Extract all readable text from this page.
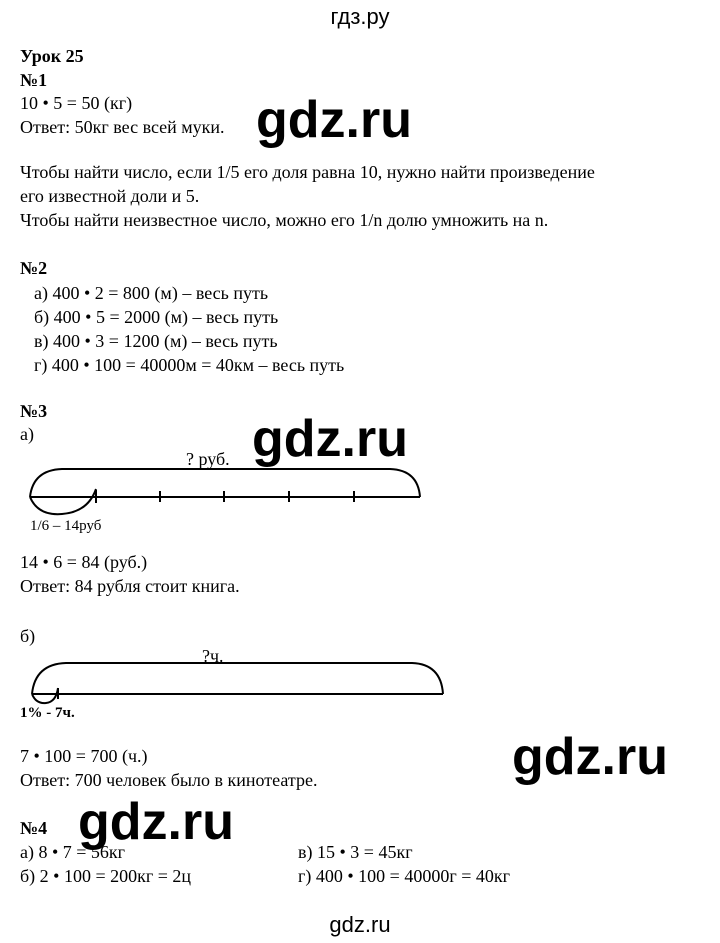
гдз.ру
Урок 25
№1
10 • 5 = 50 (кг)
Ответ: 50кг вес всей муки. gdz.ru
Чтобы найти число, если 1/5 его доля равна 10, нужно найти произведение
его известной доли и 5.
Чтобы найти неизвестное число, можно его 1/n долю умножить на n.
№2
а) 400 • 2 = 800 (м) – весь путь
б) 400 • 5 = 2000 (м) – весь путь
в) 400 • 3 = 1200 (м) – весь путь
г) 400 • 100 = 40000м = 40км – весь путь
№3
а)	gdz.ru
? руб.
1/6 – 14руб
14 • 6 = 84 (руб.)
Ответ: 84 рубля стоит книга.
б)
?ч.
1% - 7ч.
7 • 100 = 700 (ч.)
Ответ: 700 человек было в кинотеатре.	gdz.ru
gdz.ru
№4
а) 8 • 7 = 56кг	в) 15 • 3 = 45кг
б) 2 • 100 = 200кг = 2ц	г) 400 • 100 = 40000г = 40кг
gdz.ru
